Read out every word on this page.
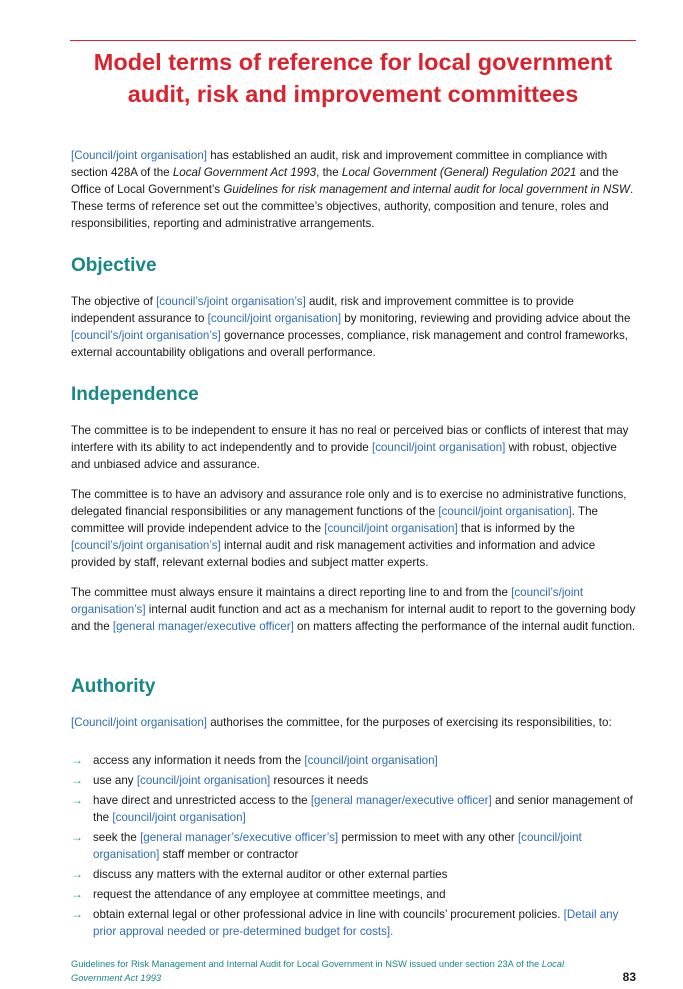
Model terms of reference for local government
audit, risk and improvement committees

[Council/joint organisation] has established an audit, risk and improvement committee in compliance with section 428A of the Local Government Act 1993, the Local Government (General) Regulation 2021 and the Office of Local Government’s Guidelines for risk management and internal audit for local government in NSW. These terms of reference set out the committee’s objectives, authority, composition and tenure, roles and responsibilities, reporting and administrative arrangements.

Objective

The objective of [council’s/joint organisation’s] audit, risk and improvement committee is to provide independent assurance to [council/joint organisation] by monitoring, reviewing and providing advice about the [council’s/joint organisation’s] governance processes, compliance, risk management and control frameworks, external accountability obligations and overall performance.

Independence

The committee is to be independent to ensure it has no real or perceived bias or conflicts of interest that may interfere with its ability to act independently and to provide [council/joint organisation] with robust, objective and unbiased advice and assurance.

The committee is to have an advisory and assurance role only and is to exercise no administrative functions, delegated financial responsibilities or any management functions of the [council/joint organisation]. The committee will provide independent advice to the [council/joint organisation] that is informed by the [council’s/joint organisation’s] internal audit and risk management activities and information and advice provided by staff, relevant external bodies and subject matter experts.

The committee must always ensure it maintains a direct reporting line to and from the [council’s/joint organisation’s] internal audit function and act as a mechanism for internal audit to report to the governing body and the [general manager/executive officer] on matters affecting the performance of the internal audit function.

Authority

[Council/joint organisation] authorises the committee, for the purposes of exercising its responsibilities, to:

→ access any information it needs from the [council/joint organisation]
→ use any [council/joint organisation] resources it needs
→ have direct and unrestricted access to the [general manager/executive officer] and senior management of the [council/joint organisation]
→ seek the [general manager’s/executive officer’s] permission to meet with any other [council/joint organisation] staff member or contractor
→ discuss any matters with the external auditor or other external parties
→ request the attendance of any employee at committee meetings, and
→ obtain external legal or other professional advice in line with councils’ procurement policies. [Detail any prior approval needed or pre-determined budget for costs].
Guidelines for Risk Management and Internal Audit for Local Government in NSW issued under section 23A of the Local Government Act 1993	83
